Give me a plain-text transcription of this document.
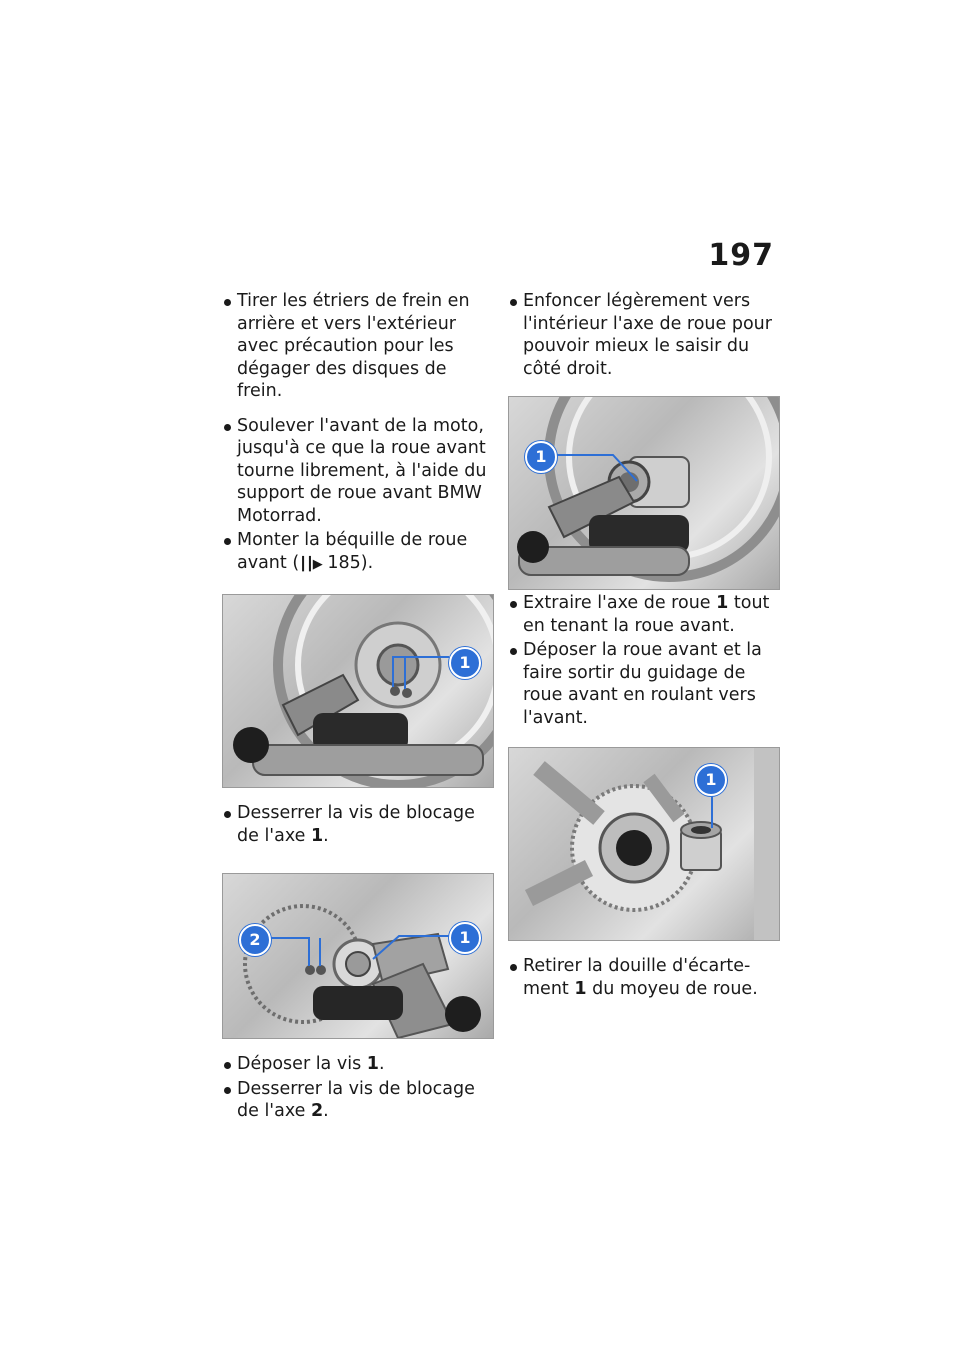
197
Tirer les étriers de frein en arrière et vers l'extérieur avec précaution pour les dégager des disques de frein.
Soulever l'avant de la moto, jusqu'à ce que la roue avant tourne librement, à l'aide du support de roue avant BMW Motorrad.
Monter la béquille de roue avant (┃┃▶ 185).
1
Desserrer la vis de blocage de l'axe 1.
2	1
Déposer la vis 1.
Desserrer la vis de blocage de l'axe 2.
Enfoncer légèrement vers l'intérieur l'axe de roue pour pouvoir mieux le saisir du côté droit.
1
Extraire l'axe de roue 1 tout en tenant la roue avant.
Déposer la roue avant et la faire sortir du guidage de roue avant en roulant vers l'avant.
1
Retirer la douille d'écarte-ment 1 du moyeu de roue.
